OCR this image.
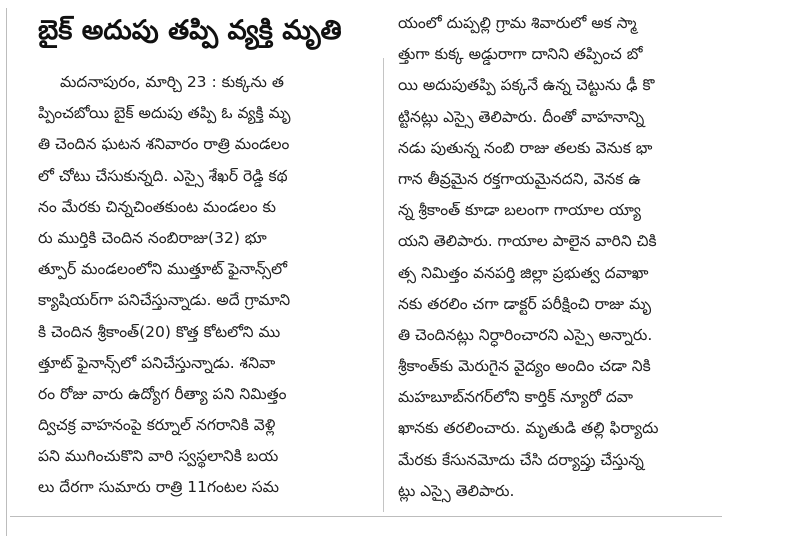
బైక్ అదుపు తప్పి వ్యక్తి మృతి
మదనాపురం, మార్చి 23 : కుక్కను త
ప్పించబోయి బైక్ అదుపు తప్పి ఓ వ్యక్తి మృ
తి చెందిన ఘటన శనివారం రాత్రి మండలం
లో చోటు చేసుకున్నది. ఎస్సై శేఖర్ రెడ్డి కథ
నం మేరకు చిన్నచింతకుంట మండలం కు
రు ముర్తికి చెందిన నంబిరాజు(32) భూ
త్పూర్ మండలంలోని ముత్తూట్ ఫైనాన్స్‌లో
క్యాషియర్‌గా పనిచేస్తున్నాడు. అదే గ్రామాని
కి చెందిన శ్రీకాంత్(20) కొత్త కోటలోని ము
త్తూట్ ఫైనాన్స్‌లో పనిచేస్తున్నాడు. శనివా
రం రోజు వారు ఉద్యోగ రీత్యా పని నిమిత్తం
ద్విచక్ర వాహనంపై కర్నూల్ నగరానికి వెళ్లి
పని ముగించుకొని వారి స్వస్థలానికి బయ
లు దేరగా సుమారు రాత్రి 11గంటల సమ
యంలో దుప్పల్లి గ్రామ శివారులో అక స్మా
త్తుగా కుక్క అడ్డురాగా దానిని తప్పించ బో
యి అదుపుతప్పి పక్కనే ఉన్న చెట్టును ఢీ కొ
ట్టినట్లు ఎస్సై తెలిపారు. దీంతో వాహనాన్ని
నడు పుతున్న నంబి రాజు తలకు వెనుక భా
గాన తీవ్రమైన రక్తగాయమైనదని, వెనక ఉ
న్న శ్రీకాంత్ కూడా బలంగా గాయాల య్యా
యని తెలిపారు. గాయాల పాలైన వారిని చికి
త్స నిమిత్తం వనపర్తి జిల్లా ప్రభుత్వ దవాఖా
నకు తరలిం చగా డాక్టర్ పరీక్షించి రాజు మృ
తి చెందినట్లు నిర్ధారించారని ఎస్సై అన్నారు.
శ్రీకాంత్‌కు మెరుగైన వైద్యం అందిం చడా నికి
మహబూబ్‌నగర్‌లోని కార్తిక్ న్యూరో దవా
ఖానకు తరలించారు. మృతుడి తల్లి ఫిర్యాదు
మేరకు కేసునమోదు చేసి దర్యాప్తు చేస్తున్న
ట్లు ఎస్సై తెలిపారు.
